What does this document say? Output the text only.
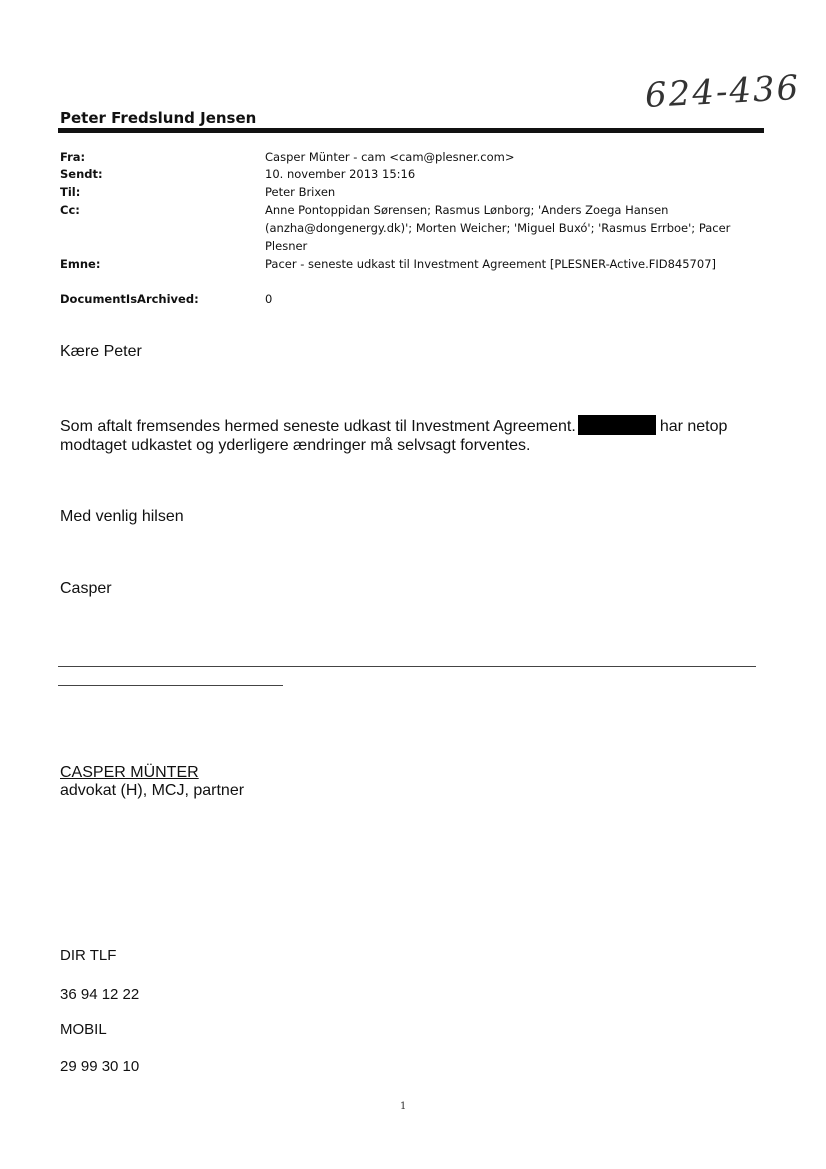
624-436
Peter Fredslund Jensen
Fra:	Casper Münter - cam <cam@plesner.com>
Sendt:	10. november 2013 15:16
Til:	Peter Brixen
Cc:	Anne Pontoppidan Sørensen; Rasmus Lønborg; 'Anders Zoega Hansen (anzha@dongenergy.dk)'; Morten Weicher; 'Miguel Buxó'; 'Rasmus Errboe'; Pacer Plesner
Emne:	Pacer - seneste udkast til Investment Agreement [PLESNER-Active.FID845707]
DocumentIsArchived:	0
Kære Peter
Som aftalt fremsendes hermed seneste udkast til Investment Agreement.	har netop
modtaget udkastet og yderligere ændringer må selvsagt forventes.
Med venlig hilsen
Casper
CASPER MÜNTER
advokat (H), MCJ, partner
DIR TLF
36 94 12 22
MOBIL
29 99 30 10
1
